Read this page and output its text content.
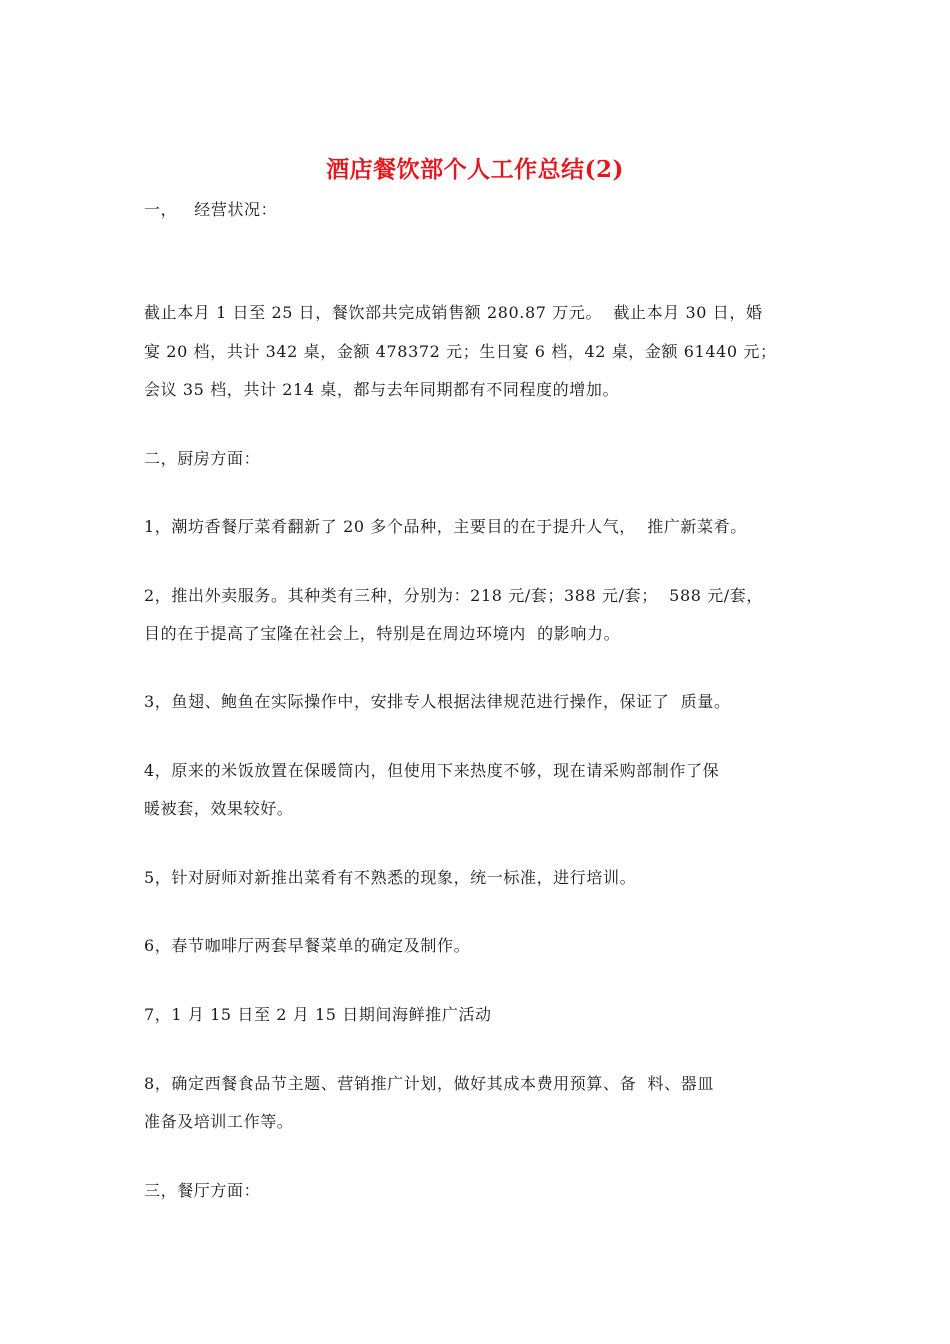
酒店餐饮部个人工作总结(2)
一，   经营状况：
截止本月 1 日至 25 日，餐饮部共完成销售额 280.87 万元。  截止本月 30 日，婚
宴 20 档，共计 342 桌，金额 478372 元；生日宴 6 档，42 桌，金额 61440 元；
会议 35 档，共计 214 桌，都与去年同期都有不同程度的增加。
二，厨房方面：
1，潮坊香餐厅菜肴翻新了 20 多个品种，主要目的在于提升人气，  推广新菜肴。
2，推出外卖服务。其种类有三种，分别为：218 元/套；388 元/套；  588 元/套，
目的在于提高了宝隆在社会上，特别是在周边环境内  的影响力。
3，鱼翅、鲍鱼在实际操作中，安排专人根据法律规范进行操作，保证了  质量。
4，原来的米饭放置在保暖筒内，但使用下来热度不够，现在请采购部制作了保
暖被套，效果较好。
5，针对厨师对新推出菜肴有不熟悉的现象，统一标准，进行培训。
6，春节咖啡厅两套早餐菜单的确定及制作。
7，1 月 15 日至 2 月 15 日期间海鲜推广活动
8，确定西餐食品节主题、营销推广计划，做好其成本费用预算、备  料、器皿
准备及培训工作等。
三，餐厅方面：
